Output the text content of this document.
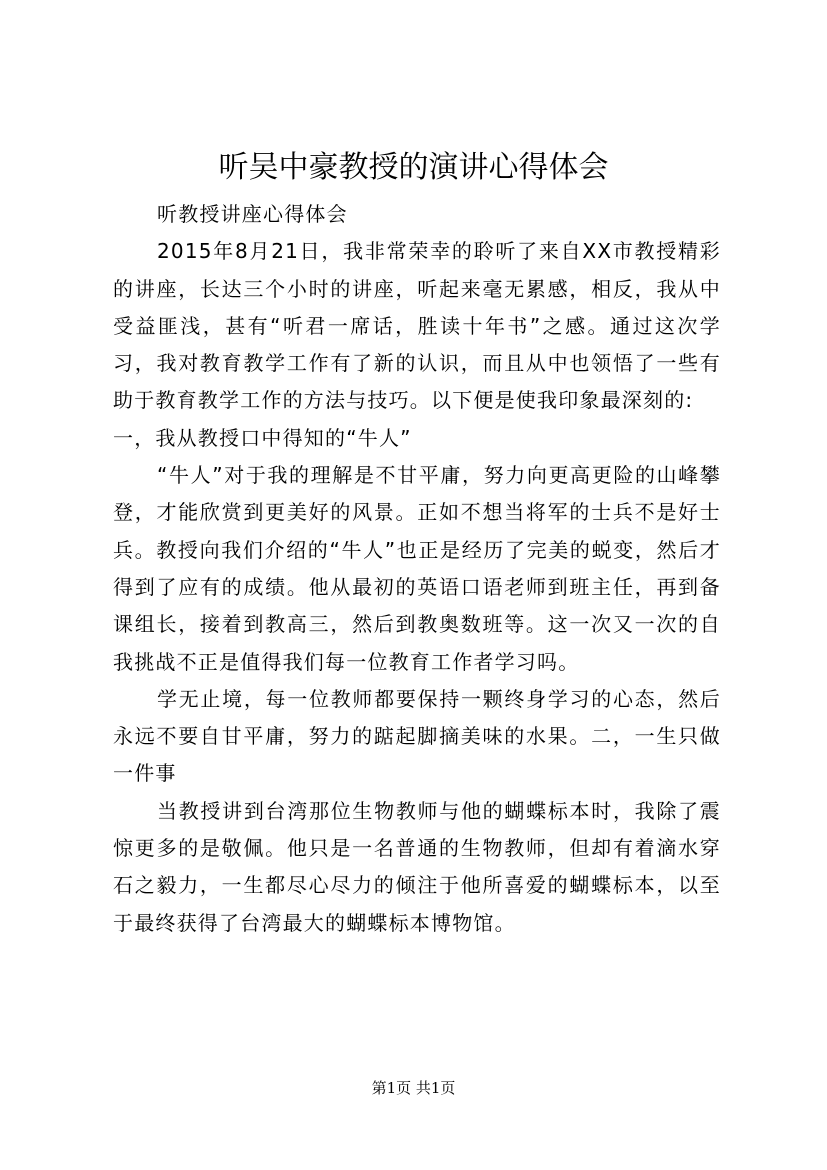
听吴中豪教授的演讲心得体会

听教授讲座心得体会

2015年8月21日，我非常荣幸的聆听了来自XX市教授精彩的讲座，长达三个小时的讲座，听起来毫无累感，相反，我从中受益匪浅，甚有“听君一席话，胜读十年书”之感。通过这次学习，我对教育教学工作有了新的认识，而且从中也领悟了一些有助于教育教学工作的方法与技巧。以下便是使我印象最深刻的:

一，我从教授口中得知的“牛人”

“牛人”对于我的理解是不甘平庸，努力向更高更险的山峰攀登，才能欣赏到更美好的风景。正如不想当将军的士兵不是好士兵。教授向我们介绍的“牛人”也正是经历了完美的蜕变，然后才得到了应有的成绩。他从最初的英语口语老师到班主任，再到备课组长，接着到教高三，然后到教奥数班等。这一次又一次的自我挑战不正是值得我们每一位教育工作者学习吗。

学无止境，每一位教师都要保持一颗终身学习的心态，然后永远不要自甘平庸，努力的踮起脚摘美味的水果。二，一生只做一件事

当教授讲到台湾那位生物教师与他的蝴蝶标本时，我除了震惊更多的是敬佩。他只是一名普通的生物教师，但却有着滴水穿石之毅力，一生都尽心尽力的倾注于他所喜爱的蝴蝶标本，以至于最终获得了台湾最大的蝴蝶标本博物馆。

第1页 共1页
